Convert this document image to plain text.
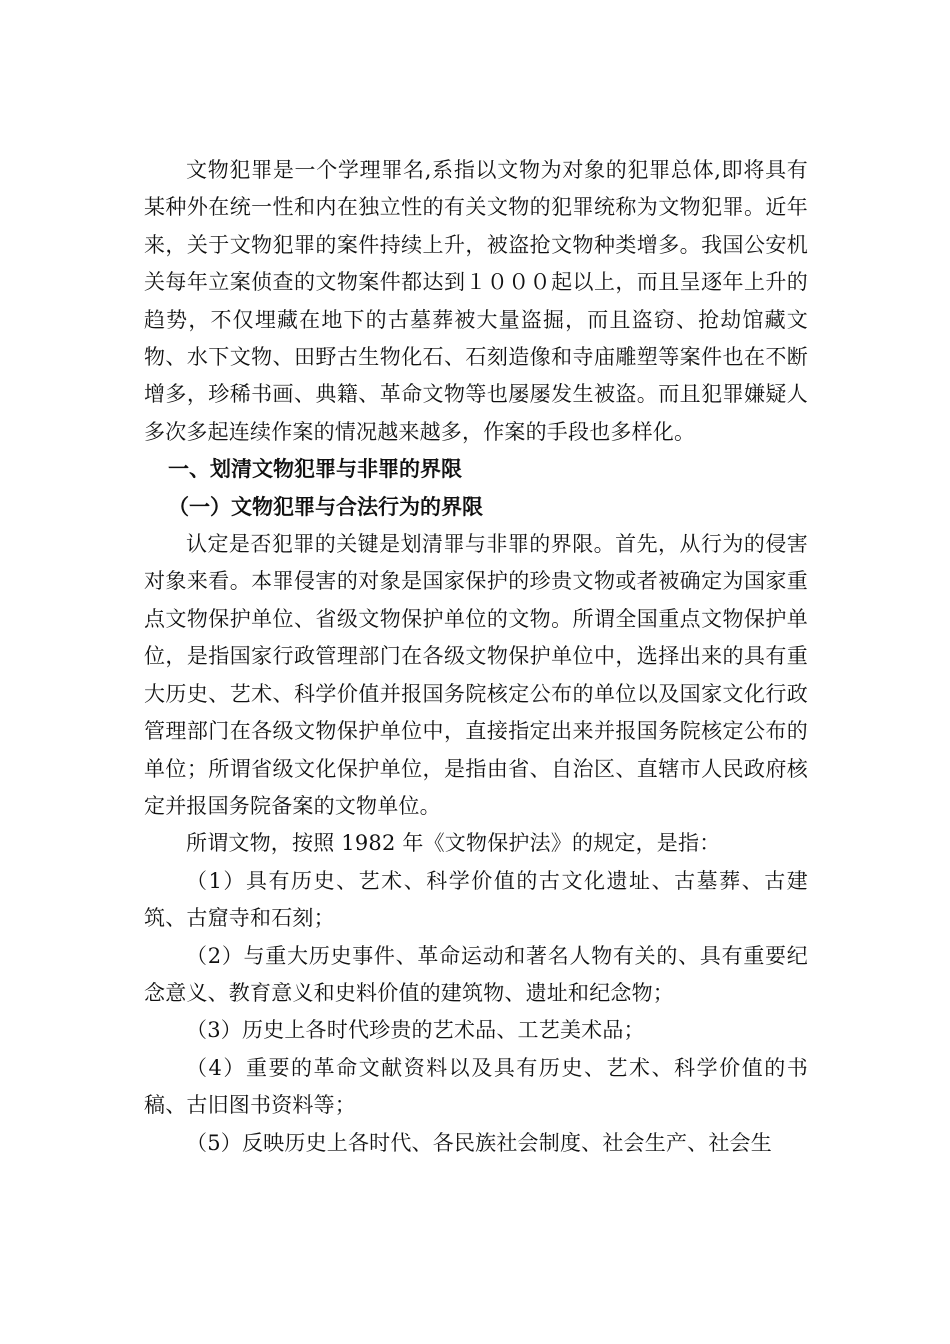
文物犯罪是一个学理罪名,系指以文物为对象的犯罪总体,即将具有某种外在统一性和内在独立性的有关文物的犯罪统称为文物犯罪。近年来，关于文物犯罪的案件持续上升，被盗抢文物种类增多。我国公安机关每年立案侦查的文物案件都达到１０００起以上，而且呈逐年上升的趋势，不仅埋藏在地下的古墓葬被大量盗掘，而且盗窃、抢劫馆藏文物、水下文物、田野古生物化石、石刻造像和寺庙雕塑等案件也在不断增多，珍稀书画、典籍、革命文物等也屡屡发生被盗。而且犯罪嫌疑人多次多起连续作案的情况越来越多，作案的手段也多样化。

一、划清文物犯罪与非罪的界限

（一）文物犯罪与合法行为的界限

认定是否犯罪的关键是划清罪与非罪的界限。首先，从行为的侵害对象来看。本罪侵害的对象是国家保护的珍贵文物或者被确定为国家重点文物保护单位、省级文物保护单位的文物。所谓全国重点文物保护单位，是指国家行政管理部门在各级文物保护单位中，选择出来的具有重大历史、艺术、科学价值并报国务院核定公布的单位以及国家文化行政管理部门在各级文物保护单位中，直接指定出来并报国务院核定公布的单位；所谓省级文化保护单位，是指由省、自治区、直辖市人民政府核定并报国务院备案的文物单位。

所谓文物，按照 1982 年《文物保护法》的规定，是指：

（1）具有历史、艺术、科学价值的古文化遗址、古墓葬、古建筑、古窟寺和石刻；

（2）与重大历史事件、革命运动和著名人物有关的、具有重要纪念意义、教育意义和史料价值的建筑物、遗址和纪念物；

（3）历史上各时代珍贵的艺术品、工艺美术品；

（4）重要的革命文献资料以及具有历史、艺术、科学价值的书稿、古旧图书资料等；

（5）反映历史上各时代、各民族社会制度、社会生产、社会生
